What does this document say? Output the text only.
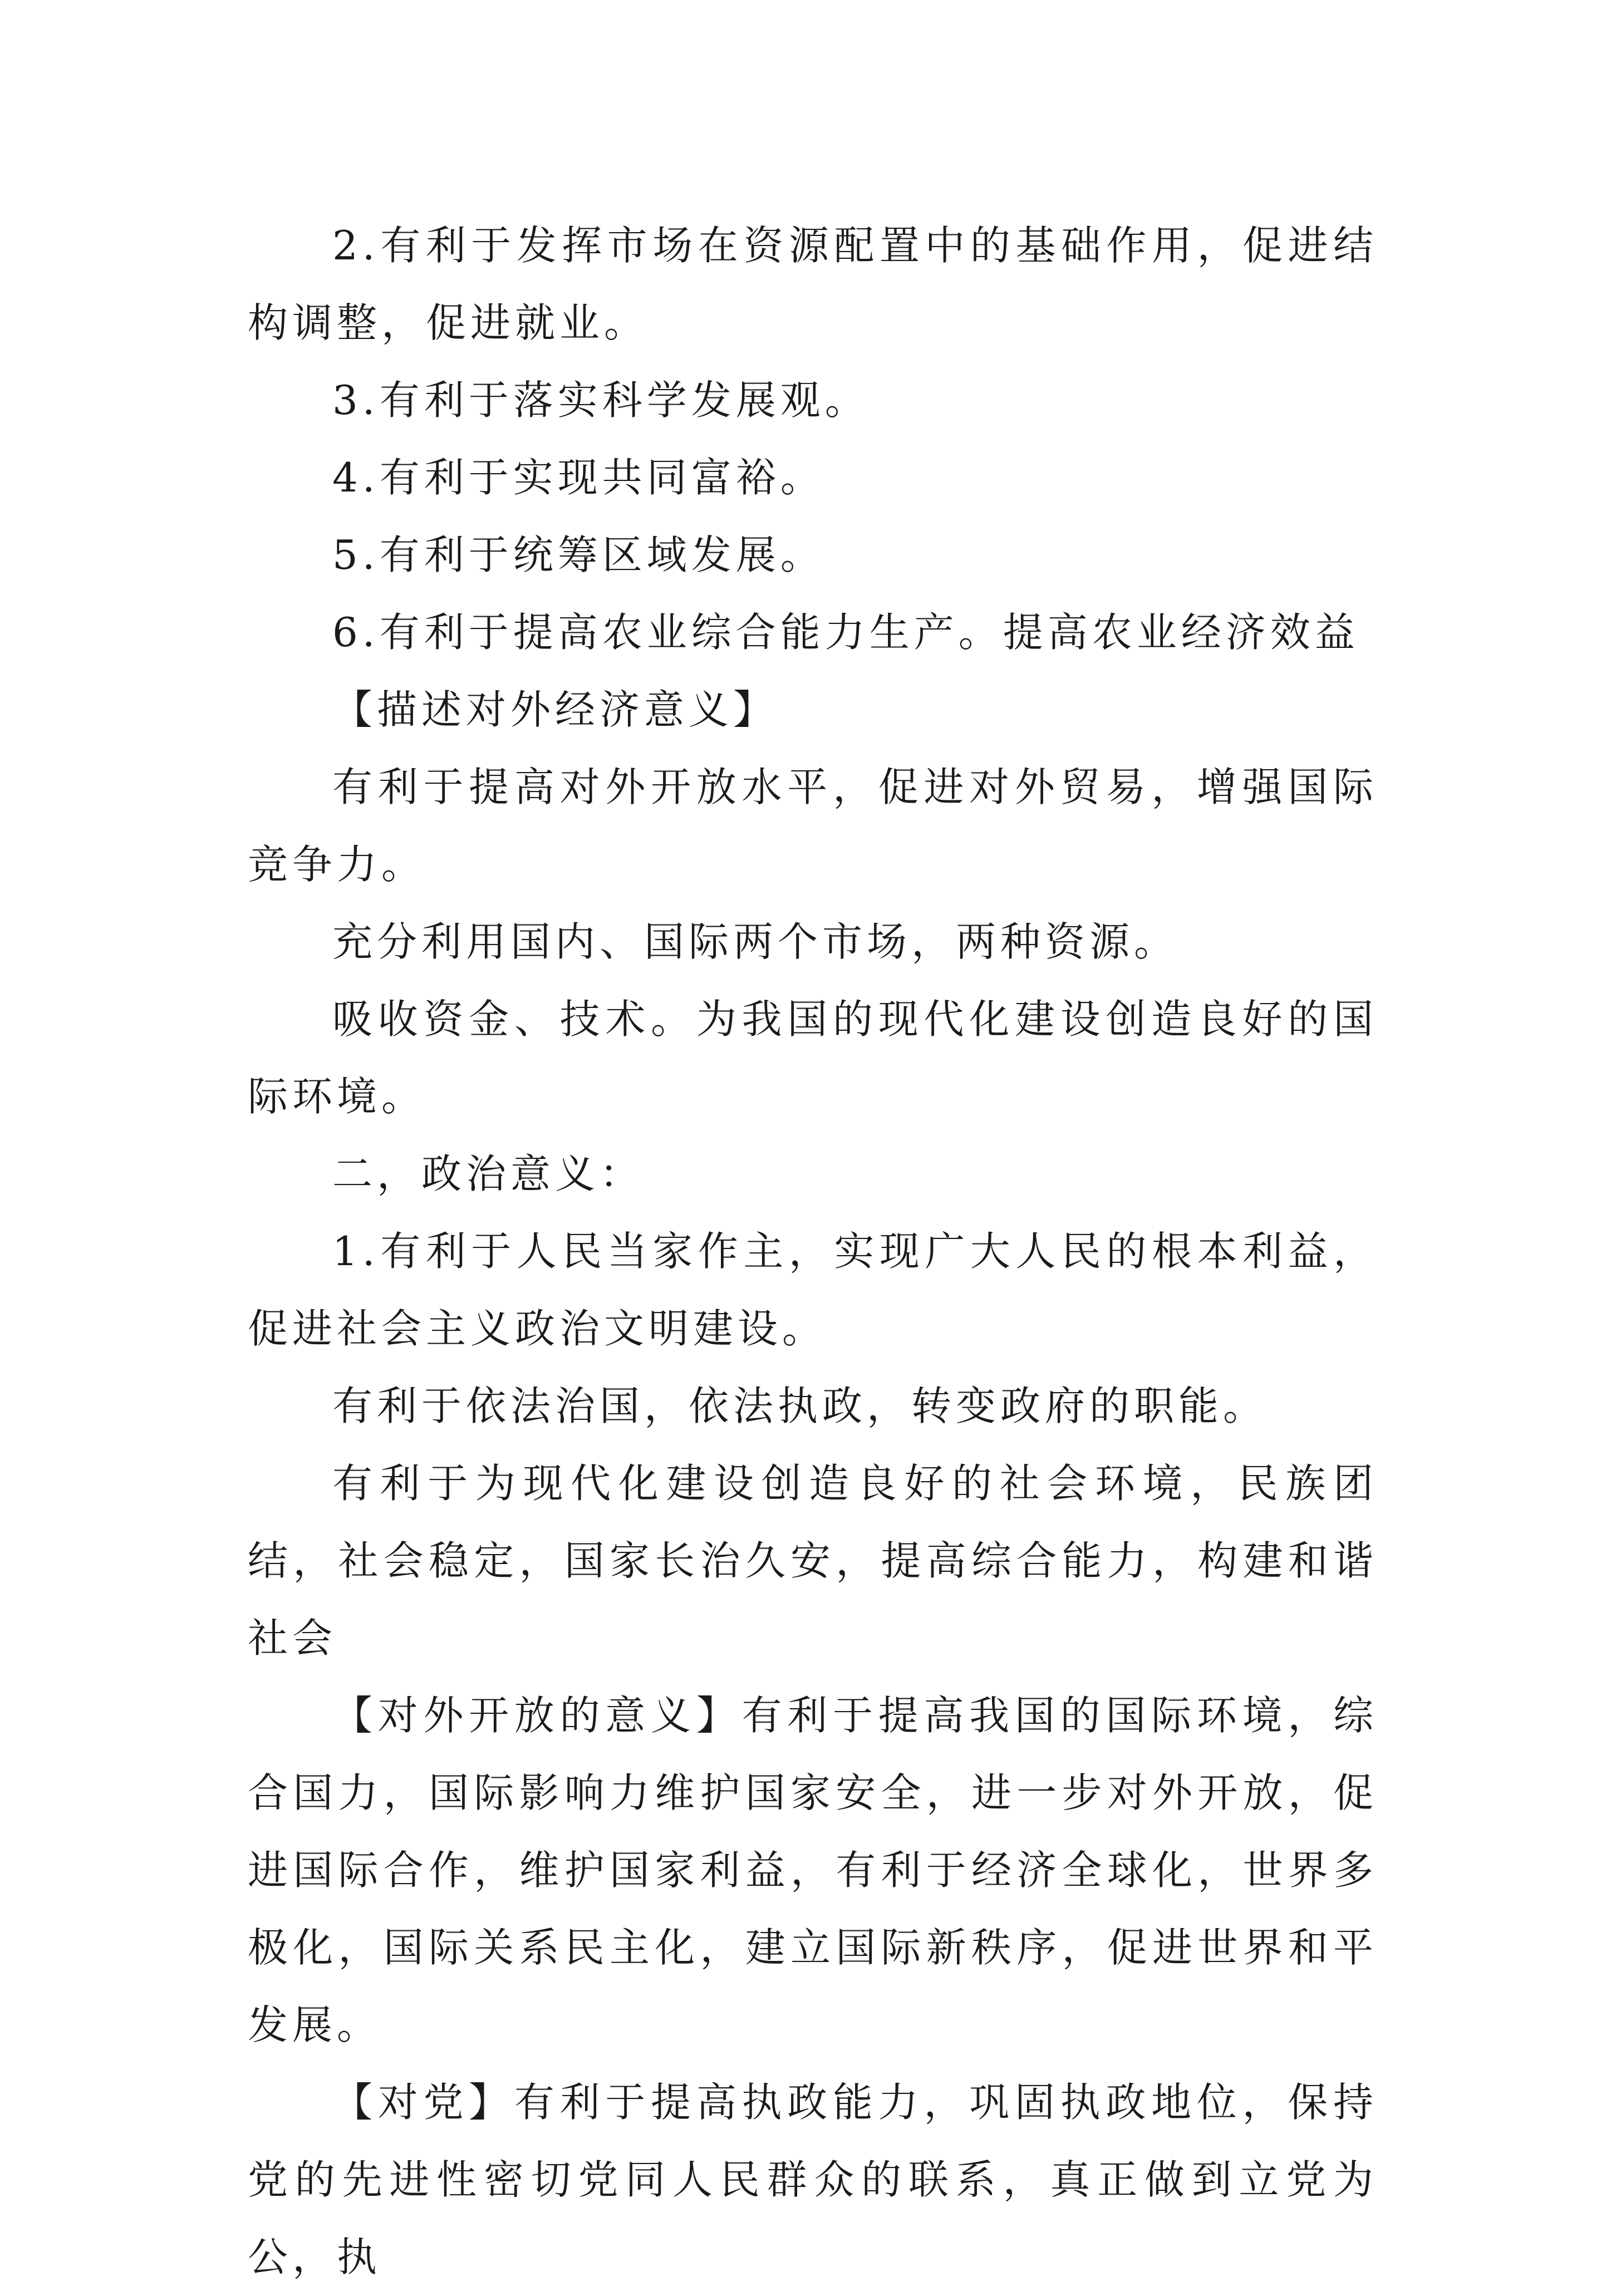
2.有利于发挥市场在资源配置中的基础作用，促进结构调整，促进就业。

3.有利于落实科学发展观。

4.有利于实现共同富裕。

5.有利于统筹区域发展。

6.有利于提高农业综合能力生产。提高农业经济效益

【描述对外经济意义】

有利于提高对外开放水平，促进对外贸易，增强国际竞争力。

充分利用国内、国际两个市场，两种资源。

吸收资金、技术。为我国的现代化建设创造良好的国际环境。

二，政治意义：

1.有利于人民当家作主，实现广大人民的根本利益，促进社会主义政治文明建设。

有利于依法治国，依法执政，转变政府的职能。

有利于为现代化建设创造良好的社会环境，民族团结，社会稳定，国家长治久安，提高综合能力，构建和谐社会

【对外开放的意义】有利于提高我国的国际环境，综合国力，国际影响力维护国家安全，进一步对外开放，促进国际合作，维护国家利益，有利于经济全球化，世界多极化，国际关系民主化，建立国际新秩序，促进世界和平发展。

【对党】有利于提高执政能力，巩固执政地位，保持党的先进性密切党同人民群众的联系，真正做到立党为公，执
